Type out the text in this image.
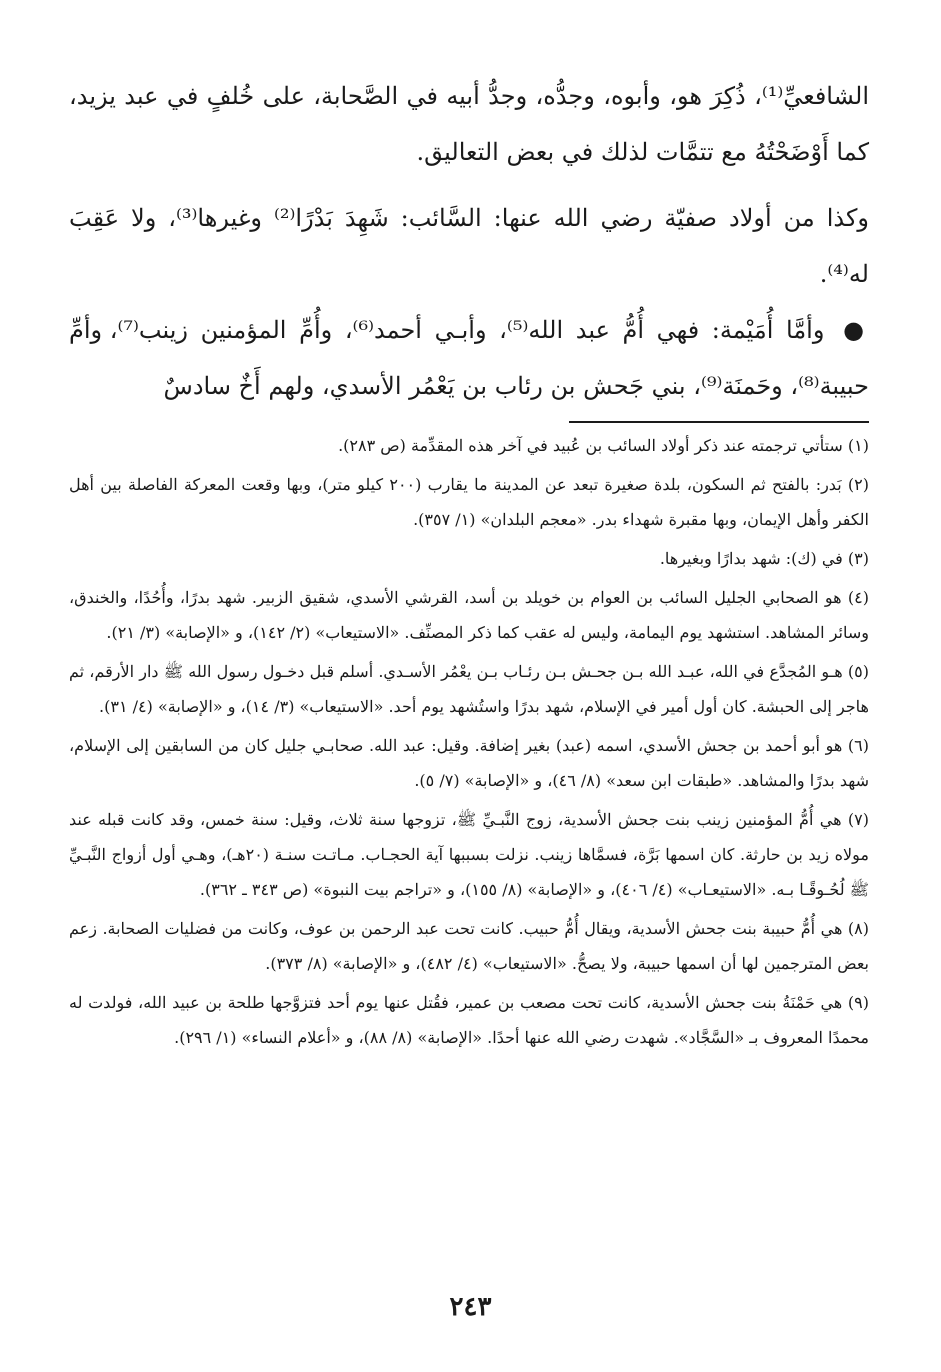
الشافعيِّ⁽¹⁾، ذُكِرَ هو، وأبوه، وجدُّه، وجدُّ أبيه في الصَّحابة، على خُلفٍ في عبد يزيد، كما أَوْضَحْتُهُ مع تتمَّات لذلك في بعض التعاليق.

وكذا من أولاد صفيّة رضي الله عنها: السَّائب: شَهِدَ بَدْرًا⁽²⁾ وغيرها⁽³⁾، ولا عَقِبَ له⁽⁴⁾.

● وأمَّا أُمَيْمة: فهي أُمُّ عبد الله⁽⁵⁾، وأبـي أحمد⁽⁶⁾، وأُمِّ المؤمنين زينب⁽⁷⁾، وأمِّ حبيبة⁽⁸⁾، وحَمنَة⁽⁹⁾، بني جَحش بن رئاب بن يَعْمُر الأسدي، ولهم أَخٌ سادسٌ

(١) ستأتي ترجمته عند ذكر أولاد السائب بن عُبيد في آخر هذه المقدِّمة (ص ٢٨٣).

(٢) بَدر: بالفتح ثم السكون، بلدة صغيرة تبعد عن المدينة ما يقارب (٢٠٠ كيلو متر)، وبها وقعت المعركة الفاصلة بين أهل الكفر وأهل الإيمان، وبها مقبرة شهداء بدر. «معجم البلدان» (١/ ٣٥٧).

(٣) في (ك): شهد بدارًا وبغيرها.

(٤) هو الصحابي الجليل السائب بن العوام بن خويلد بن أسد، القرشي الأسدي، شقيق الزبير. شهد بدرًا، وأُحُدًا، والخندق، وسائر المشاهد. استشهد يوم اليمامة، وليس له عقب كما ذكر المصنِّف. «الاستيعاب» (٢/ ١٤٢)، و «الإصابة» (٣/ ٢١).

(٥) هـو المُجدَّع في الله، عبـد الله بـن جحـش بـن رئـاب بـن يعْمُر الأسـدي. أسلم قبل دخـول رسول الله ﷺ دار الأرقم، ثم هاجر إلى الحبشة. كان أول أمير في الإسلام، شهد بدرًا واستُشهد يوم أحد. «الاستيعاب» (٣/ ١٤)، و «الإصابة» (٤/ ٣١).

(٦) هو أبو أحمد بن جحش الأسدي، اسمه (عبد) بغير إضافة. وقيل: عبد الله. صحابـي جليل كان من السابقين إلى الإسلام، شهد بدرًا والمشاهد. «طبقات ابن سعد» (٨/ ٤٦)، و «الإصابة» (٧/ ٥).

(٧) هي أُمُّ المؤمنين زينب بنت جحش الأسدية، زوج النَّبـيِّ ﷺ، تزوجها سنة ثلاث، وقيل: سنة خمس، وقد كانت قبله عند مولاه زيد بن حارثة. كان اسمها بَرَّة، فسمَّاها زينب. نزلت بسببها آية الحجـاب. مـاتـت سنـة (٢٠هـ)، وهـي أول أزواج النَّبـيِّ ﷺ لُحُـوقًـا بـه. «الاستيعـاب» (٤/ ٤٠٦)، و «الإصابة» (٨/ ١٥٥)، و «تراجم بيت النبوة» (ص ٣٤٣ ـ ٣٦٢).

(٨) هي أُمُّ حبيبة بنت جحش الأسدية، ويقال أُمُّ حبيب. كانت تحت عبد الرحمن بن عوف، وكانت من فضليات الصحابة. زعم بعض المترجمين لها أن اسمها حبيبة، ولا يصحُّ. «الاستيعاب» (٤/ ٤٨٢)، و «الإصابة» (٨/ ٣٧٣).

(٩) هي حَمْنَةُ بنت جحش الأسدية، كانت تحت مصعب بن عمير، فقُتل عنها يوم أحد فتزوَّجها طلحة بن عبيد الله، فولدت له محمدًا المعروف بـ «السَّجَّاد». شهدت رضي الله عنها أحدًا. «الإصابة» (٨/ ٨٨)، و «أعلام النساء» (١/ ٢٩٦).

٢٤٣
